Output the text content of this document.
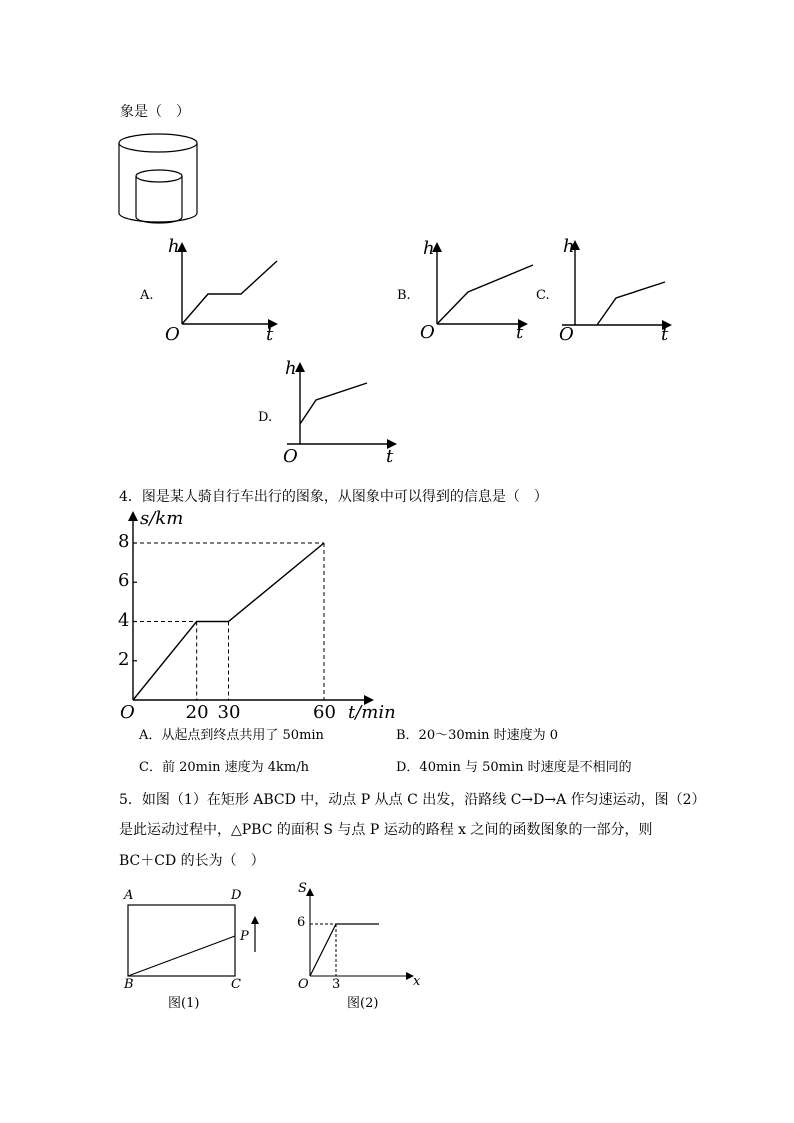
象是（　）
A.
h
t
O
B.
h
t
O
C.
h
t
O
D.
h
t
O
4．图是某人骑自行车出行的图象，从图象中可以得到的信息是（　）
s/km
t/min
O
2
4
6
8
20 30	60
A．从起点到终点共用了 50min	B．20～30min 时速度为 0
C．前 20min 速度为 4km/h	D．40min 与 50min 时速度是不相同的
5．如图（1）在矩形 ABCD 中，动点 P 从点 C 出发，沿路线 C→D→A 作匀速运动，图（2）
是此运动过程中，△PBC 的面积 S 与点 P 运动的路程 x 之间的函数图象的一部分，则
BC＋CD 的长为（　）
A	D
B	C
P
图(1)
S
x
O
6
3
图(2)
